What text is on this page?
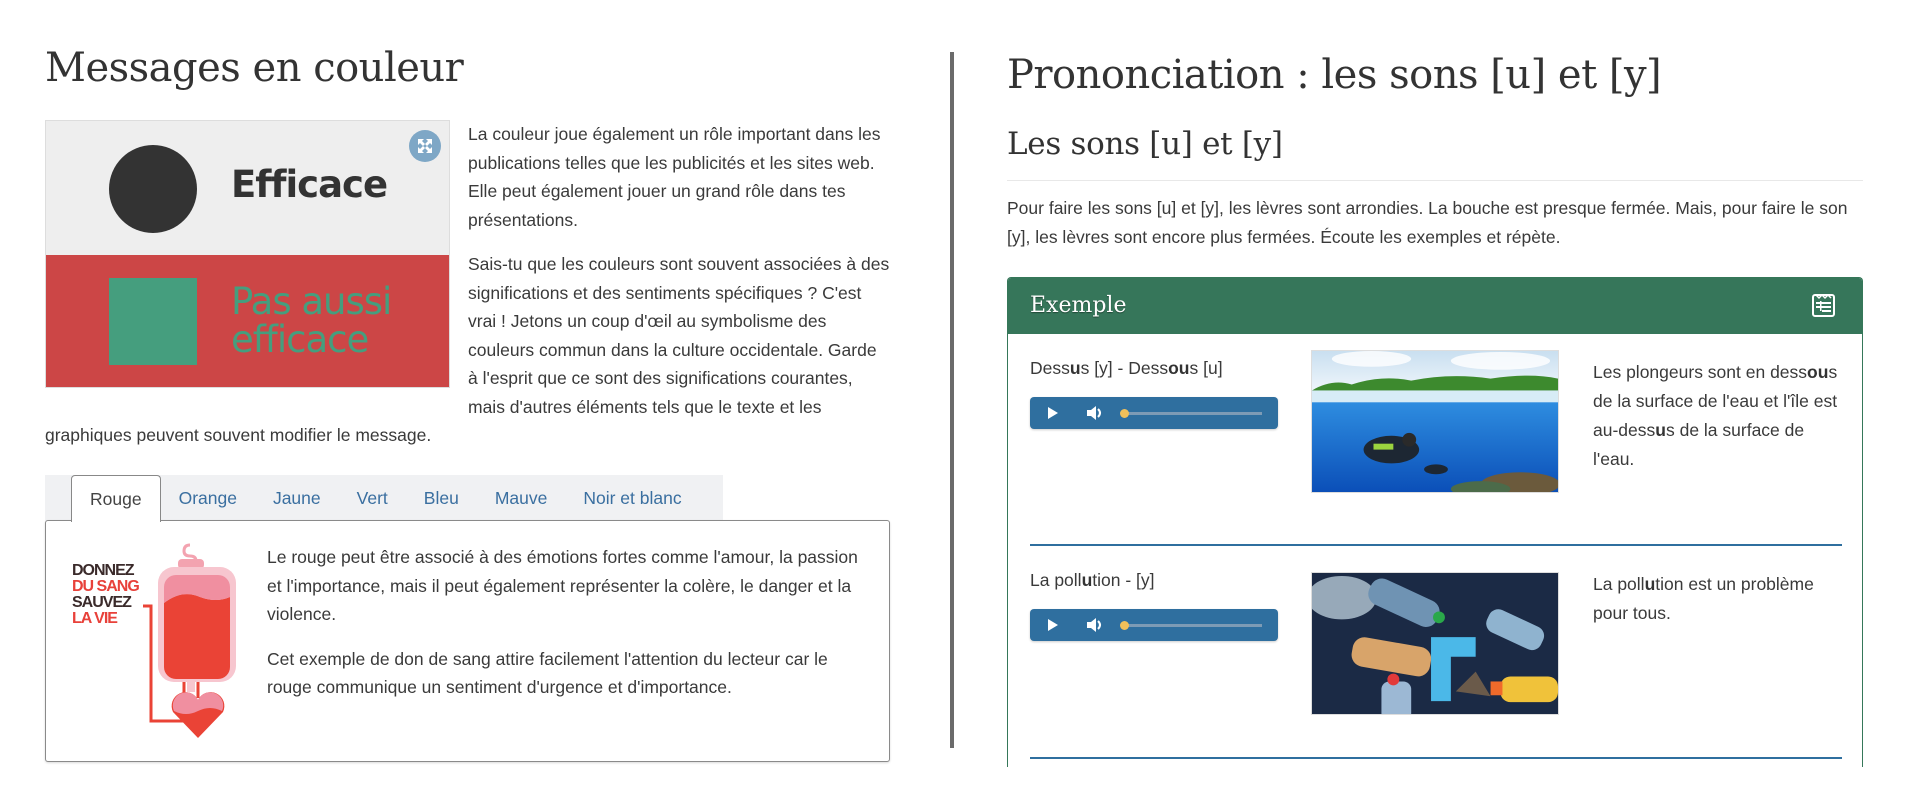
Messages en couleur

La couleur joue également un rôle important dans les publications telles que les publicités et les sites web. Elle peut également jouer un grand rôle dans tes présentations.

Sais-tu que les couleurs sont souvent associées à des significations et des sentiments spécifiques ? C'est vrai ! Jetons un coup d'œil au symbolisme des couleurs commun dans la culture occidentale. Garde à l'esprit que ce sont des significations courantes, mais d'autres éléments tels que le texte et les graphiques peuvent souvent modifier le message.

Efficace
Pas aussi efficace
Rouge	Orange	Jaune	Vert	Bleu	Mauve	Noir et blanc
DONNEZ
DU SANG
SAUVEZ
LA VIE

Le rouge peut être associé à des émotions fortes comme l'amour, la passion et l'importance, mais il peut également représenter la colère, le danger et la violence.

Cet exemple de don de sang attire facilement l'attention du lecteur car le rouge communique un sentiment d'urgence et d'importance.

Prononciation : les sons [u] et [y]
Les sons [u] et [y]

Pour faire les sons [u] et [y], les lèvres sont arrondies. La bouche est presque fermée. Mais, pour faire le son [y], les lèvres sont encore plus fermées. Écoute les exemples et répète.

Exemple
Dessus [y] - Dessous [u]	Les plongeurs sont en dessous de la surface de l'eau et l'île est au-dessus de la surface de l'eau.
La pollution - [y]	La pollution est un problème pour tous.
